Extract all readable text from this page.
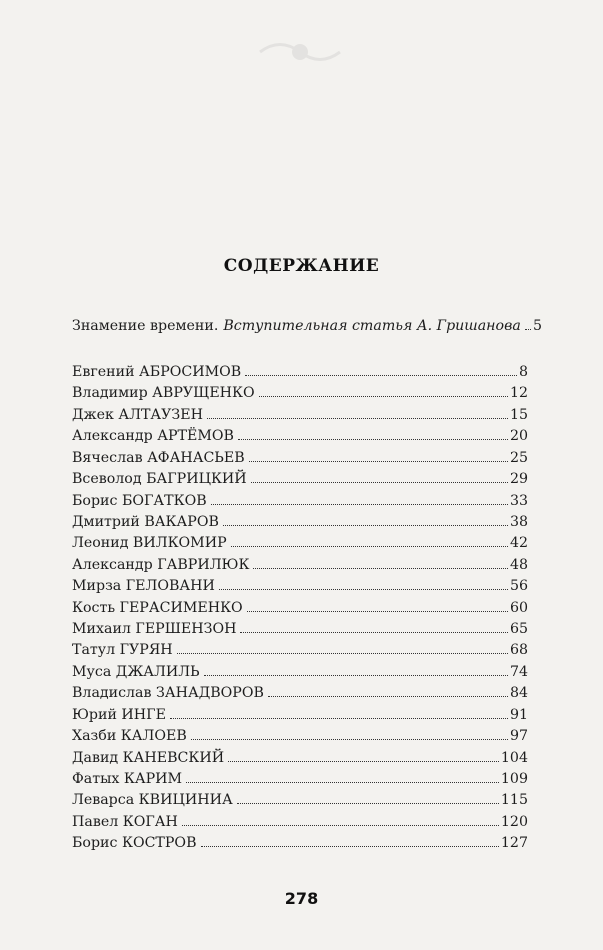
СОДЕРЖАНИЕ
Знамение времени. Вступительная статья А. Гришанова 5
Евгений АБРОСИМОВ	8
Владимир АВРУЩЕНКО	12
Джек АЛТАУЗЕН	15
Александр АРТЁМОВ	20
Вячеслав АФАНАСЬЕВ	25
Всеволод БАГРИЦКИЙ	29
Борис БОГАТКОВ	33
Дмитрий ВАКАРОВ	38
Леонид ВИЛКОМИР	42
Александр ГАВРИЛЮК	48
Мирза ГЕЛОВАНИ	56
Кость ГЕРАСИМЕНКО	60
Михаил ГЕРШЕНЗОН	65
Татул ГУРЯН	68
Муса ДЖАЛИЛЬ	74
Владислав ЗАНАДВОРОВ	84
Юрий ИНГЕ	91
Хазби КАЛОЕВ	97
Давид КАНЕВСКИЙ	104
Фатых КАРИМ	109
Леварса КВИЦИНИА	115
Павел КОГАН	120
Борис КОСТРОВ	127
278
